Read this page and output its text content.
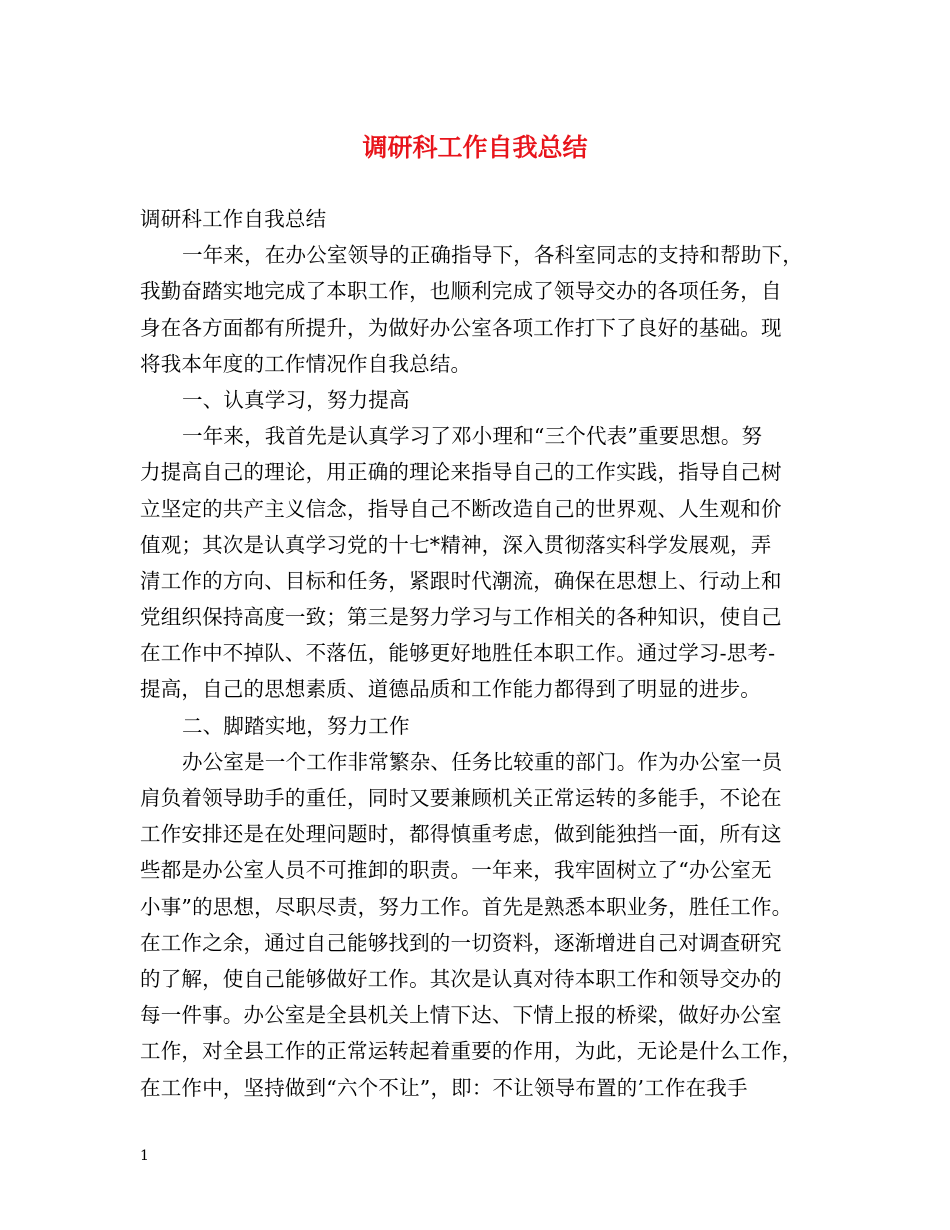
调研科工作自我总结
调研科工作自我总结
一年来，在办公室领导的正确指导下，各科室同志的支持和帮助下，
我勤奋踏实地完成了本职工作，也顺利完成了领导交办的各项任务，自
身在各方面都有所提升，为做好办公室各项工作打下了良好的基础。现
将我本年度的工作情况作自我总结。
一、认真学习，努力提高
一年来，我首先是认真学习了邓小理和“三个代表”重要思想。努
力提高自己的理论，用正确的理论来指导自己的工作实践，指导自己树
立坚定的共产主义信念，指导自己不断改造自己的世界观、人生观和价
值观；其次是认真学习党的十七*精神，深入贯彻落实科学发展观，弄
清工作的方向、目标和任务，紧跟时代潮流，确保在思想上、行动上和
党组织保持高度一致；第三是努力学习与工作相关的各种知识，使自己
在工作中不掉队、不落伍，能够更好地胜任本职工作。通过学习-思考-
提高，自己的思想素质、道德品质和工作能力都得到了明显的进步。
二、脚踏实地，努力工作
办公室是一个工作非常繁杂、任务比较重的部门。作为办公室一员
肩负着领导助手的重任，同时又要兼顾机关正常运转的多能手，不论在
工作安排还是在处理问题时，都得慎重考虑，做到能独挡一面，所有这
些都是办公室人员不可推卸的职责。一年来，我牢固树立了“办公室无
小事”的思想，尽职尽责，努力工作。首先是熟悉本职业务，胜任工作。
在工作之余，通过自己能够找到的一切资料，逐渐增进自己对调查研究
的了解，使自己能够做好工作。其次是认真对待本职工作和领导交办的
每一件事。办公室是全县机关上情下达、下情上报的桥梁，做好办公室
工作，对全县工作的正常运转起着重要的作用，为此，无论是什么工作，
在工作中，坚持做到“六个不让”，即：不让领导布置的’工作在我手
1
